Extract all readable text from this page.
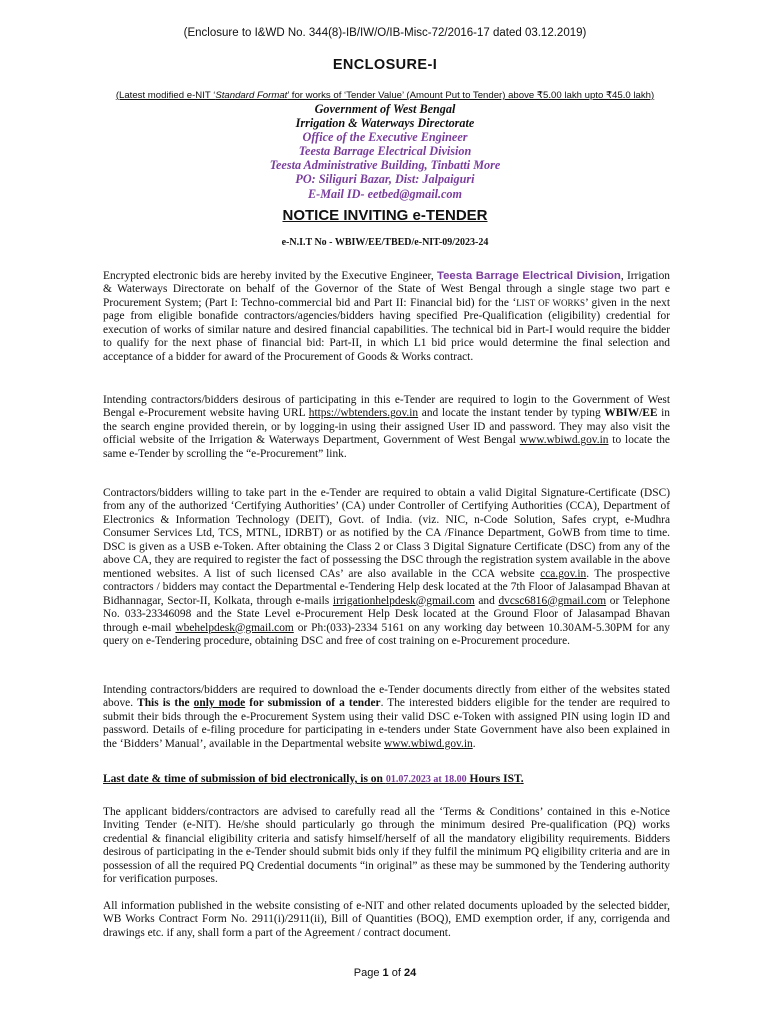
(Enclosure to I&WD No. 344(8)-IB/IW/O/IB-Misc-72/2016-17 dated 03.12.2019)
ENCLOSURE-I
(Latest modified e-NIT ‘Standard Format’ for works of ‘Tender Value’ (Amount Put to Tender) above ₹5.00 lakh upto ₹45.0 lakh)
Government of West Bengal
Irrigation & Waterways Directorate
Office of the Executive Engineer
Teesta Barrage Electrical Division
Teesta Administrative Building, Tinbatti More
PO: Siliguri Bazar, Dist: Jalpaiguri
E-Mail ID- eetbed@gmail.com
NOTICE INVITING e-TENDER
e-N.I.T No - WBIW/EE/TBED/e-NIT-09/2023-24

Encrypted electronic bids are hereby invited by the Executive Engineer, Teesta Barrage Electrical Division, Irrigation & Waterways Directorate on behalf of the Governor of the State of West Bengal through a single stage two part e Procurement System; (Part I: Techno-commercial bid and Part II: Financial bid) for the ‘LIST OF WORKS’ given in the next page from eligible bonafide contractors/agencies/bidders having specified Pre-Qualification (eligibility) credential for execution of works of similar nature and desired financial capabilities. The technical bid in Part-I would require the bidder to qualify for the next phase of financial bid: Part-II, in which L1 bid price would determine the final selection and acceptance of a bidder for award of the Procurement of Goods & Works contract.

Intending contractors/bidders desirous of participating in this e-Tender are required to login to the Government of West Bengal e-Procurement website having URL https://wbtenders.gov.in and locate the instant tender by typing WBIW/EE in the search engine provided therein, or by logging-in using their assigned User ID and password. They may also visit the official website of the Irrigation & Waterways Department, Government of West Bengal www.wbiwd.gov.in to locate the same e-Tender by scrolling the “e-Procurement” link.

Contractors/bidders willing to take part in the e-Tender are required to obtain a valid Digital Signature-Certificate (DSC) from any of the authorized ‘Certifying Authorities’ (CA) under Controller of Certifying Authorities (CCA), Department of Electronics & Information Technology (DEIT), Govt. of India. (viz. NIC, n-Code Solution, Safes crypt, e-Mudhra Consumer Services Ltd, TCS, MTNL, IDRBT) or as notified by the CA /Finance Department, GoWB from time to time. DSC is given as a USB e-Token. After obtaining the Class 2 or Class 3 Digital Signature Certificate (DSC) from any of the above CA, they are required to register the fact of possessing the DSC through the registration system available in the above mentioned websites. A list of such licensed CAs’ are also available in the CCA website cca.gov.in. The prospective contractors / bidders may contact the Departmental e-Tendering Help desk located at the 7th Floor of Jalasampad Bhavan at Bidhannagar, Sector-II, Kolkata, through e-mails irrigationhelpdesk@gmail.com and dvcsc6816@gmail.com or Telephone No. 033-23346098 and the State Level e-Procurement Help Desk located at the Ground Floor of Jalasampad Bhavan through e-mail wbehelpdesk@gmail.com or Ph:(033)-2334 5161 on any working day between 10.30AM-5.30PM for any query on e-Tendering procedure, obtaining DSC and free of cost training on e-Procurement procedure.

Intending contractors/bidders are required to download the e-Tender documents directly from either of the websites stated above. This is the only mode for submission of a tender. The interested bidders eligible for the tender are required to submit their bids through the e-Procurement System using their valid DSC e-Token with assigned PIN using login ID and password. Details of e-filing procedure for participating in e-tenders under State Government have also been explained in the ‘Bidders’ Manual’, available in the Departmental website www.wbiwd.gov.in.

Last date & time of submission of bid electronically, is on 01.07.2023 at 18.00 Hours IST.

The applicant bidders/contractors are advised to carefully read all the ‘Terms & Conditions’ contained in this e-Notice Inviting Tender (e-NIT). He/she should particularly go through the minimum desired Pre-qualification (PQ) works credential & financial eligibility criteria and satisfy himself/herself of all the mandatory eligibility requirements. Bidders desirous of participating in the e-Tender should submit bids only if they fulfil the minimum PQ eligibility criteria and are in possession of all the required PQ Credential documents “in original” as these may be summoned by the Tendering authority for verification purposes.

All information published in the website consisting of e-NIT and other related documents uploaded by the selected bidder, WB Works Contract Form No. 2911(i)/2911(ii), Bill of Quantities (BOQ), EMD exemption order, if any, corrigenda and drawings etc. if any, shall form a part of the Agreement / contract document.

Page 1 of 24
